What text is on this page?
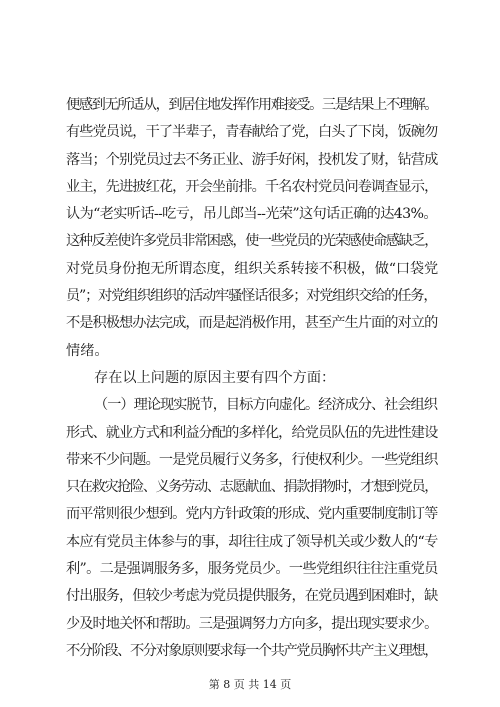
便感到无所适从，到居住地发挥作用难接受。三是结果上不理解。
有些党员说，干了半辈子，青春献给了党，白头了下岗，饭碗勿
落当；个别党员过去不务正业、游手好闲，投机发了财，钻营成
业主，先进披红花，开会坐前排。千名农村党员问卷调查显示，
认为“老实听话--吃亏，吊儿郎当--光荣”这句话正确的达43%。
这种反差使许多党员非常困惑，使一些党员的光荣感使命感缺乏，
对党员身份抱无所谓态度，组织关系转接不积极，做“口袋党
员”；对党组织组织的活动牢骚怪话很多；对党组织交给的任务，
不是积极想办法完成，而是起消极作用，甚至产生片面的对立的
情绪。
存在以上问题的原因主要有四个方面：
（一）理论现实脱节，目标方向虚化。经济成分、社会组织
形式、就业方式和利益分配的多样化，给党员队伍的先进性建设
带来不少问题。一是党员履行义务多，行使权利少。一些党组织
只在救灾抢险、义务劳动、志愿献血、捐款捐物时，才想到党员，
而平常则很少想到。党内方针政策的形成、党内重要制度制订等
本应有党员主体参与的事，却往往成了领导机关或少数人的“专
利”。二是强调服务多，服务党员少。一些党组织往往注重党员
付出服务，但较少考虑为党员提供服务，在党员遇到困难时，缺
少及时地关怀和帮助。三是强调努力方向多，提出现实要求少。
不分阶段、不分对象原则要求每一个共产党员胸怀共产主义理想，
第 8 页 共 14 页
